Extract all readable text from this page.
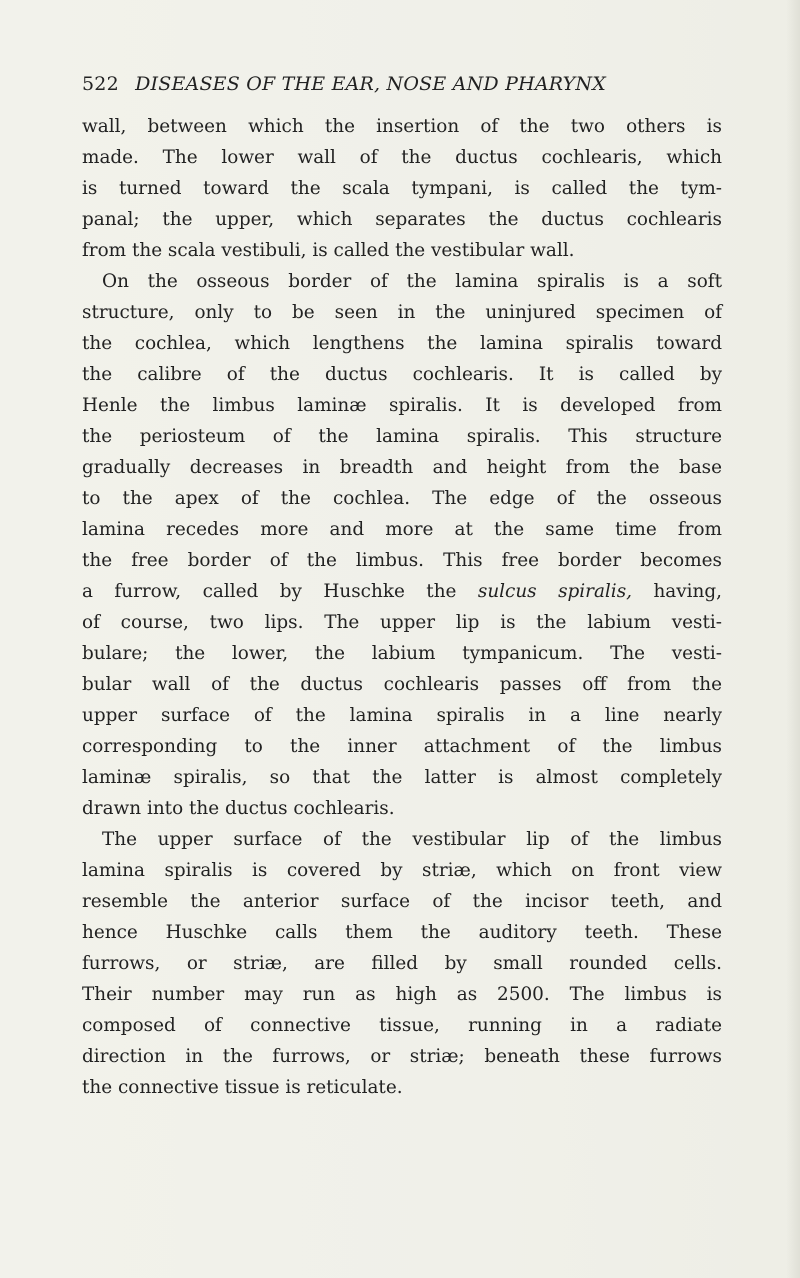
522 DISEASES OF THE EAR, NOSE AND PHARYNX
wall, between which the insertion of the two others is
made. The lower wall of the ductus cochlearis, which
is turned toward the scala tympani, is called the tym-
panal; the upper, which separates the ductus cochlearis
from the scala vestibuli, is called the vestibular wall.
On the osseous border of the lamina spiralis is a soft
structure, only to be seen in the uninjured specimen of
the cochlea, which lengthens the lamina spiralis toward
the calibre of the ductus cochlearis. It is called by
Henle the limbus laminæ spiralis. It is developed from
the periosteum of the lamina spiralis. This structure
gradually decreases in breadth and height from the base
to the apex of the cochlea. The edge of the osseous
lamina recedes more and more at the same time from
the free border of the limbus. This free border becomes
a furrow, called by Huschke the sulcus spiralis, having,
of course, two lips. The upper lip is the labium vesti-
bulare; the lower, the labium tympanicum. The vesti-
bular wall of the ductus cochlearis passes off from the
upper surface of the lamina spiralis in a line nearly
corresponding to the inner attachment of the limbus
laminæ spiralis, so that the latter is almost completely
drawn into the ductus cochlearis.
The upper surface of the vestibular lip of the limbus
lamina spiralis is covered by striæ, which on front view
resemble the anterior surface of the incisor teeth, and
hence Huschke calls them the auditory teeth. These
furrows, or striæ, are filled by small rounded cells.
Their number may run as high as 2500. The limbus is
composed of connective tissue, running in a radiate
direction in the furrows, or striæ; beneath these furrows
the connective tissue is reticulate.
